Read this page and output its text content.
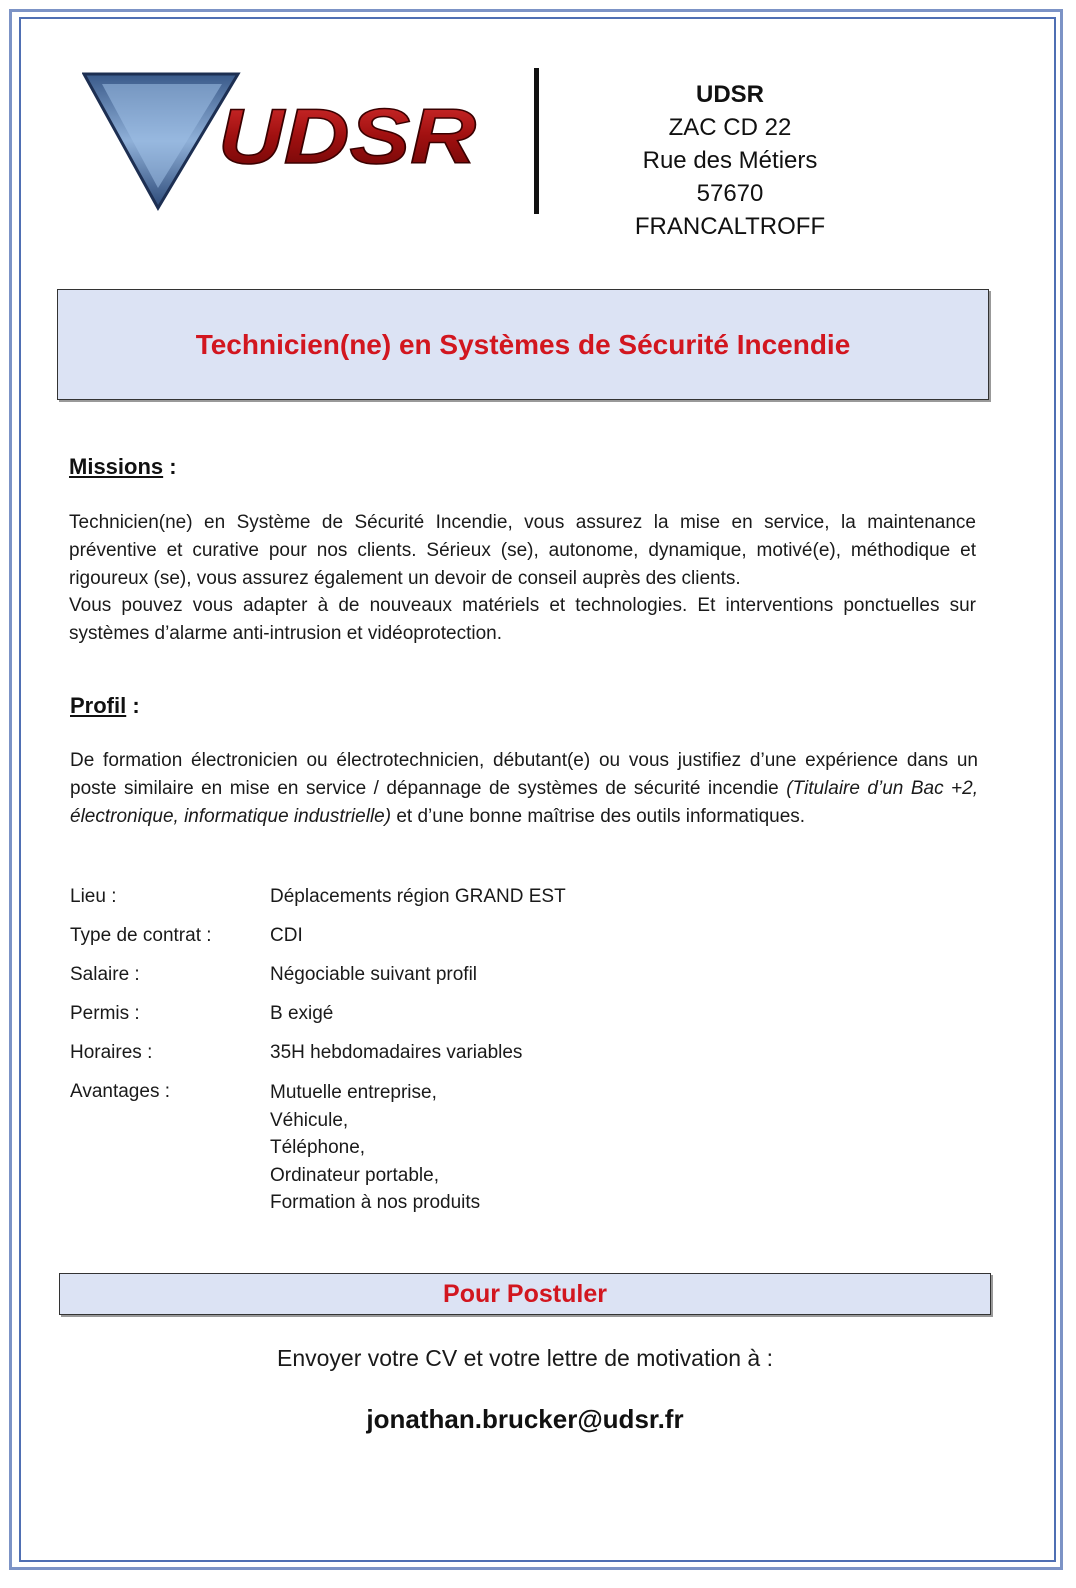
UDSR	UDSR
ZAC CD 22
Rue des Métiers
57670 FRANCALTROFF
Technicien(ne) en Systèmes de Sécurité Incendie
Missions :

Technicien(ne) en Système de Sécurité Incendie, vous assurez la mise en service, la maintenance préventive et curative pour nos clients. Sérieux (se), autonome, dynamique, motivé(e), méthodique et rigoureux (se), vous assurez également un devoir de conseil auprès des clients.

Vous pouvez vous adapter à de nouveaux matériels et technologies. Et interventions ponctuelles sur systèmes d’alarme anti-intrusion et vidéoprotection.

Profil :

De formation électronicien ou électrotechnicien, débutant(e) ou vous justifiez d’une expérience dans un poste similaire en mise en service / dépannage de systèmes de sécurité incendie (Titulaire d’un Bac +2, électronique, informatique industrielle) et d’une bonne maîtrise des outils informatiques.

Lieu :	Déplacements région GRAND EST
Type de contrat :	CDI
Salaire :	Négociable suivant profil
Permis :	B exigé
Horaires :	35H hebdomadaires variables
Avantages :	Mutuelle entreprise,
Véhicule,
Téléphone,
Ordinateur portable,
Formation à nos produits
Pour Postuler
Envoyer votre CV et votre lettre de motivation à :
jonathan.brucker@udsr.fr
